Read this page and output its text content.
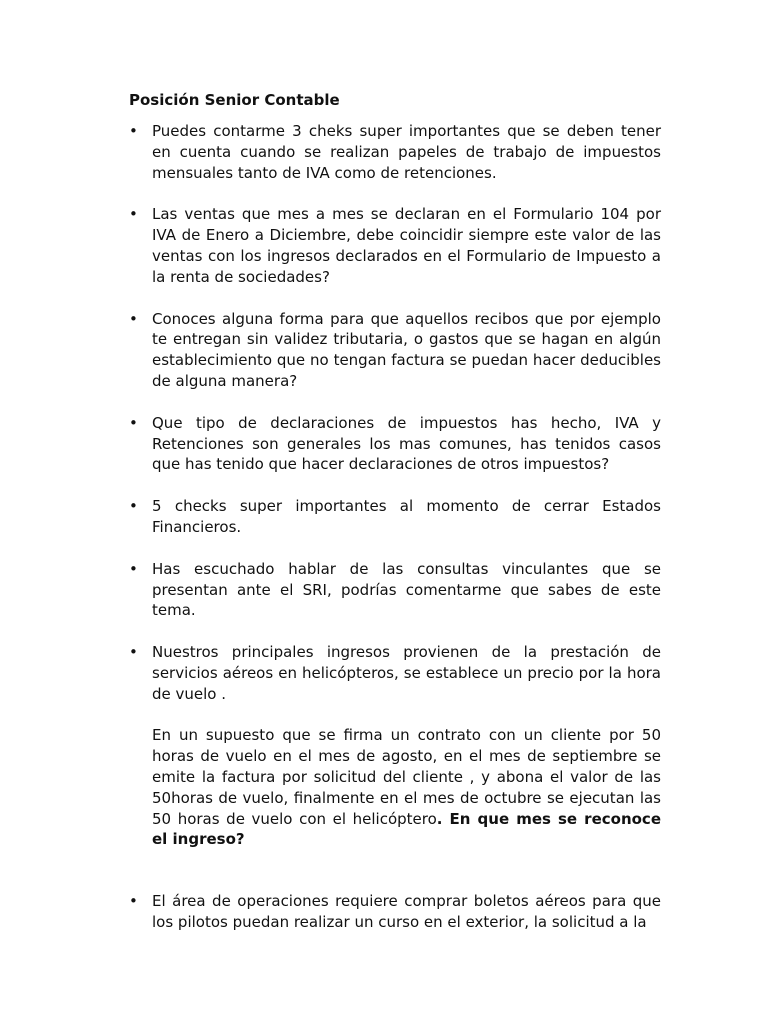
Posición Senior Contable
• Puedes contarme 3 cheks super importantes que se deben tener en cuenta cuando se realizan papeles de trabajo de impuestos mensuales tanto de IVA como de retenciones.

• Las ventas que mes a mes se declaran en el Formulario 104 por IVA de Enero a Diciembre, debe coincidir siempre este valor de las ventas con los ingresos declarados en el Formulario de Impuesto a la renta de sociedades?

• Conoces alguna forma para que aquellos recibos que por ejemplo te entregan sin validez tributaria, o gastos que se hagan en algún establecimiento que no tengan factura se puedan hacer deducibles de alguna manera?

• Que tipo de declaraciones de impuestos has hecho, IVA y Retenciones son generales los mas comunes, has tenidos casos que has tenido que hacer declaraciones de otros impuestos?

• 5 checks super importantes al momento de cerrar Estados Financieros.

• Has escuchado hablar de las consultas vinculantes que se presentan ante el SRI, podrías comentarme que sabes de este tema.

• Nuestros principales ingresos provienen de la prestación de servicios aéreos en helicópteros, se establece un precio por la hora de vuelo .

En un supuesto que se firma un contrato con un cliente por 50 horas de vuelo en el mes de agosto, en el mes de septiembre se emite la factura por solicitud del cliente , y abona el valor de las 50horas de vuelo, finalmente en el mes de octubre se ejecutan las 50 horas de vuelo con el helicóptero. En que mes se reconoce el ingreso?

• El área de operaciones requiere comprar boletos aéreos para que los pilotos puedan realizar un curso en el exterior, la solicitud a la
